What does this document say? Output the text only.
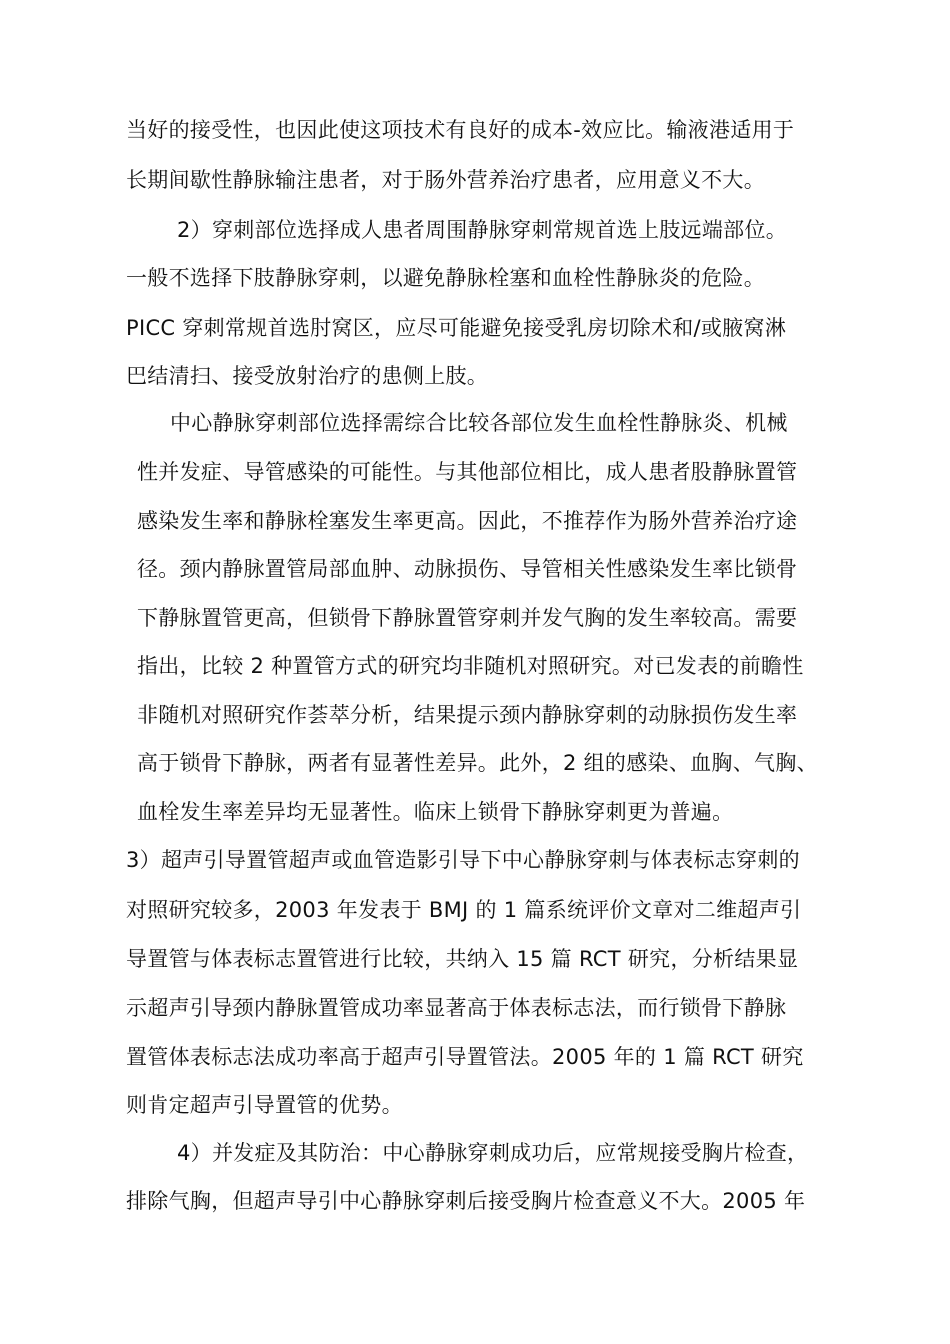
当好的接受性，也因此使这项技术有良好的成本-效应比。输液港适用于
长期间歇性静脉输注患者，对于肠外营养治疗患者，应用意义不大。
2）穿刺部位选择成人患者周围静脉穿刺常规首选上肢远端部位。
一般不选择下肢静脉穿刺，以避免静脉栓塞和血栓性静脉炎的危险。
PICC 穿刺常规首选肘窝区，应尽可能避免接受乳房切除术和/或腋窝淋
巴结清扫、接受放射治疗的患侧上肢。
中心静脉穿刺部位选择需综合比较各部位发生血栓性静脉炎、机械
性并发症、导管感染的可能性。与其他部位相比，成人患者股静脉置管
感染发生率和静脉栓塞发生率更高。因此，不推荐作为肠外营养治疗途
径。颈内静脉置管局部血肿、动脉损伤、导管相关性感染发生率比锁骨
下静脉置管更高，但锁骨下静脉置管穿刺并发气胸的发生率较高。需要
指出，比较 2 种置管方式的研究均非随机对照研究。对已发表的前瞻性
非随机对照研究作荟萃分析，结果提示颈内静脉穿刺的动脉损伤发生率
高于锁骨下静脉，两者有显著性差异。此外，2 组的感染、血胸、气胸、
血栓发生率差异均无显著性。临床上锁骨下静脉穿刺更为普遍。
3）超声引导置管超声或血管造影引导下中心静脉穿刺与体表标志穿刺的
对照研究较多，2003 年发表于 BMJ 的 1 篇系统评价文章对二维超声引
导置管与体表标志置管进行比较，共纳入 15 篇 RCT 研究，分析结果显
示超声引导颈内静脉置管成功率显著高于体表标志法，而行锁骨下静脉
置管体表标志法成功率高于超声引导置管法。2005 年的 1 篇 RCT 研究
则肯定超声引导置管的优势。
4）并发症及其防治：中心静脉穿刺成功后，应常规接受胸片检查，
排除气胸，但超声导引中心静脉穿刺后接受胸片检查意义不大。2005 年
